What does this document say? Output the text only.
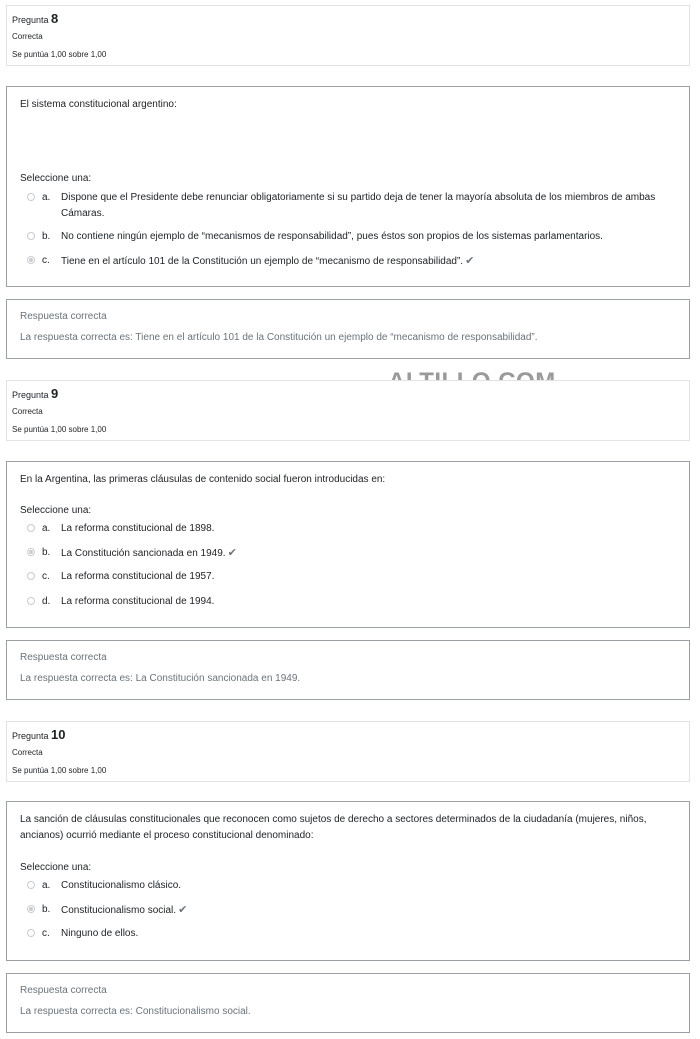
Pregunta 8
Correcta
Se puntúa 1,00 sobre 1,00
El sistema constitucional argentino:
Seleccione una:
a. Dispone que el Presidente debe renunciar obligatoriamente si su partido deja de tener la mayoría absoluta de los miembros de ambas Cámaras.
b. No contiene ningún ejemplo de “mecanismos de responsabilidad”, pues éstos son propios de los sistemas parlamentarios.
c. Tiene en el artículo 101 de la Constitución un ejemplo de “mecanismo de responsabilidad”. ✔
Respuesta correcta
La respuesta correcta es: Tiene en el artículo 101 de la Constitución un ejemplo de “mecanismo de responsabilidad”.
Pregunta 9
Correcta
Se puntúa 1,00 sobre 1,00
En la Argentina, las primeras cláusulas de contenido social fueron introducidas en:
Seleccione una:
a. La reforma constitucional de 1898.
b. La Constitución sancionada en 1949. ✔
c. La reforma constitucional de 1957.
d. La reforma constitucional de 1994.
Respuesta correcta
La respuesta correcta es: La Constitución sancionada en 1949.
Pregunta 10
Correcta
Se puntúa 1,00 sobre 1,00
La sanción de cláusulas constitucionales que reconocen como sujetos de derecho a sectores determinados de la ciudadanía (mujeres, niños, ancianos) ocurrió mediante el proceso constitucional denominado:
Seleccione una:
a. Constitucionalismo clásico.
b. Constitucionalismo social. ✔
c. Ninguno de ellos.
Respuesta correcta
La respuesta correcta es: Constitucionalismo social.
